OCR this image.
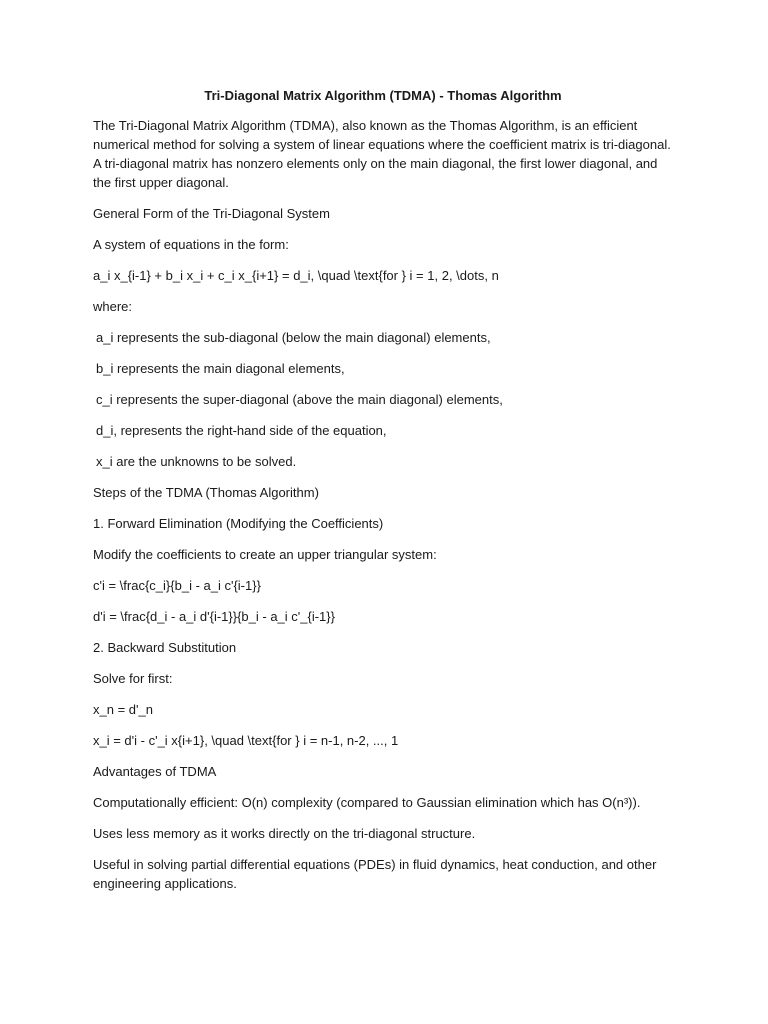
Tri-Diagonal Matrix Algorithm (TDMA) - Thomas Algorithm

The Tri-Diagonal Matrix Algorithm (TDMA), also known as the Thomas Algorithm, is an efficient numerical method for solving a system of linear equations where the coefficient matrix is tri-diagonal. A tri-diagonal matrix has nonzero elements only on the main diagonal, the first lower diagonal, and the first upper diagonal.

General Form of the Tri-Diagonal System

A system of equations in the form:

a_i x_{i-1} + b_i x_i + c_i x_{i+1} = d_i, \quad \text{for } i = 1, 2, \dots, n

where:

a_i represents the sub-diagonal (below the main diagonal) elements,

b_i represents the main diagonal elements,

c_i represents the super-diagonal (above the main diagonal) elements,

d_i, represents the right-hand side of the equation,

x_i are the unknowns to be solved.

Steps of the TDMA (Thomas Algorithm)

1. Forward Elimination (Modifying the Coefficients)

Modify the coefficients to create an upper triangular system:

c'i = \frac{c_i}{b_i - a_i c'{i-1}}

d'i = \frac{d_i - a_i d'{i-1}}{b_i - a_i c'_{i-1}}

2. Backward Substitution

Solve for first:

x_n = d'_n

x_i = d'i - c'_i x{i+1}, \quad \text{for } i = n-1, n-2, ..., 1

Advantages of TDMA

Computationally efficient: O(n) complexity (compared to Gaussian elimination which has O(n³)).

Uses less memory as it works directly on the tri-diagonal structure.

Useful in solving partial differential equations (PDEs) in fluid dynamics, heat conduction, and other engineering applications.
